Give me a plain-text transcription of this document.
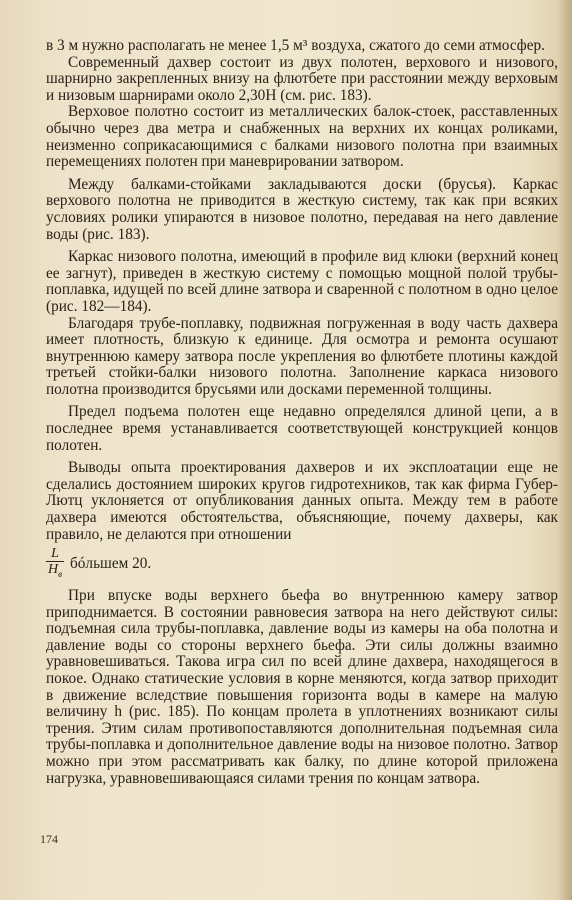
в 3 м нужно располагать не менее 1,5 м³ воздуха, сжатого до семи атмосфер.

Современный дахвер состоит из двух полотен, верхового и низового, шарнирно закрепленных внизу на флютбете при расстоянии между верховым и низовым шарнирами около 2,30H (см. рис. 183).

Верховое полотно состоит из металлических балок-стоек, расставленных обычно через два метра и снабженных на верхних их концах роликами, неизменно соприкасающимися с балками низового полотна при взаимных перемещениях полотен при маневрировании затвором.

Между балками-стойками закладываются доски (брусья). Каркас верхового полотна не приводится в жесткую систему, так как при всяких условиях ролики упираются в низовое полотно, передавая на него давление воды (рис. 183).

Каркас низового полотна, имеющий в профиле вид клюки (верхний конец ее загнут), приведен в жесткую систему с помощью мощной полой трубы-поплавка, идущей по всей длине затвора и сваренной с полотном в одно целое (рис. 182—184).

Благодаря трубе-поплавку, подвижная погруженная в воду часть дахвера имеет плотность, близкую к единице. Для осмотра и ремонта осушают внутреннюю камеру затвора после укрепления во флютбете плотины каждой третьей стойки-балки низового полотна. Заполнение каркаса низового полотна производится брусьями или досками переменной толщины.

Предел подъема полотен еще недавно определялся длиной цепи, а в последнее время устанавливается соответствующей конструкцией концов полотен.

Выводы опыта проектирования дахверов и их эксплоатации еще не сделались достоянием широких кругов гидротехников, так как фирма Губер-Лютц уклоняется от опубликования данных опыта. Между тем в работе дахвера имеются обстоятельства, объясняющие, почему дахверы, как правило, не делаются при отношении

$\frac{L}{H_в}$ бóльшем 20.

При впуске воды верхнего бьефа во внутреннюю камеру затвор приподнимается. В состоянии равновесия затвора на него действуют силы: подъемная сила трубы-поплавка, давление воды из камеры на оба полотна и давление воды со стороны верхнего бьефа. Эти силы должны взаимно уравновешиваться. Такова игра сил по всей длине дахвера, находящегося в покое. Однако статические условия в корне меняются, когда затвор приходит в движение вследствие повышения горизонта воды в камере на малую величину h (рис. 185). По концам пролета в уплотнениях возникают силы трения. Этим силам противопоставляются дополнительная подъемная сила трубы-поплавка и дополнительное давление воды на низовое полотно. Затвор можно при этом рассматривать как балку, по длине которой приложена нагрузка, уравновешивающаяся силами трения по концам затвора.

174
